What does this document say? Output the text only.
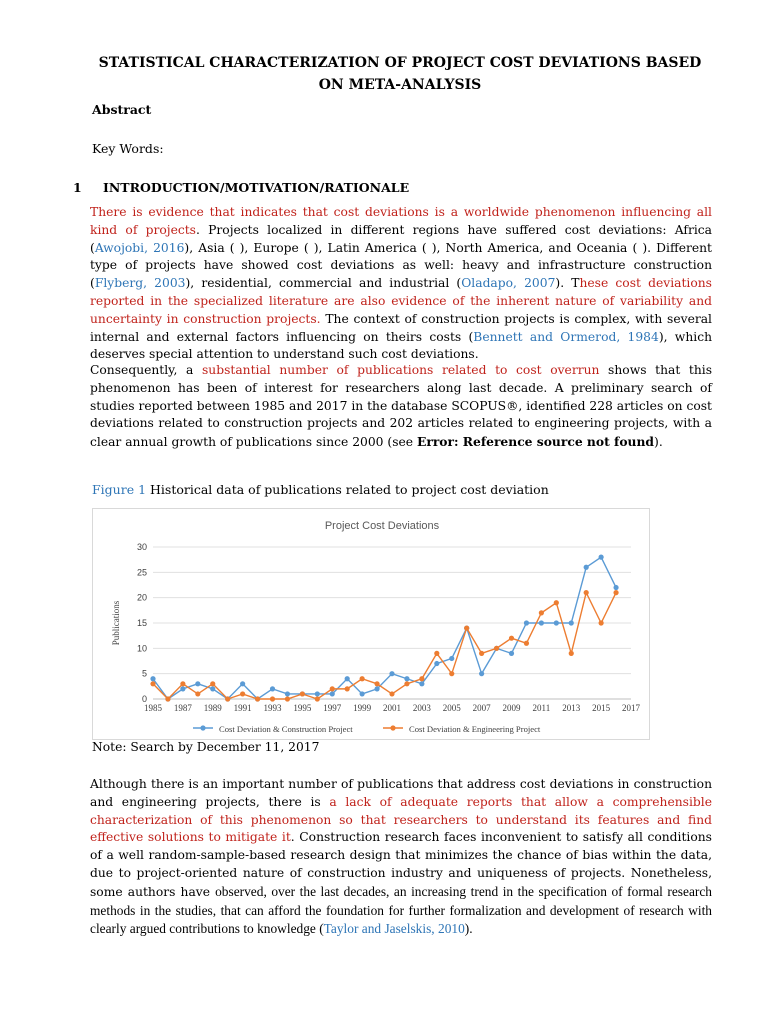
STATISTICAL CHARACTERIZATION OF PROJECT COST DEVIATIONS BASED
ON META-ANALYSIS
Abstract
Key Words:
1 INTRODUCTION/MOTIVATION/RATIONALE

There is evidence that indicates that cost deviations is a worldwide phenomenon influencing all kind of projects. Projects localized in different regions have suffered cost deviations: Africa (Awojobi, 2016), Asia ( ), Europe ( ), Latin America ( ), North America, and Oceania ( ). Different type of projects have showed cost deviations as well: heavy and infrastructure construction (Flyberg, 2003), residential, commercial and industrial (Oladapo, 2007). These cost deviations reported in the specialized literature are also evidence of the inherent nature of variability and uncertainty in construction projects. The context of construction projects is complex, with several internal and external factors influencing on theirs costs (Bennett and Ormerod, 1984), which deserves special attention to understand such cost deviations.

Consequently, a substantial number of publications related to cost overrun shows that this phenomenon has been of interest for researchers along last decade. A preliminary search of studies reported between 1985 and 2017 in the database SCOPUS®, identified 228 articles on cost deviations related to construction projects and 202 articles related to engineering projects, with a clear annual growth of publications since 2000 (see Error: Reference source not found).

Figure 1 Historical data of publications related to project cost deviation
Project Cost Deviations
Publications
0
5
10
15
20
25
30
1985 1987 1989 1991 1993 1995 1997 1999 2001 2003 2005 2007 2009 2011 2013 2015 2017
Cost Deviation & Construction Project	Cost Deviation & Engineering Project
Note: Search by December 11, 2017

Although there is an important number of publications that address cost deviations in construction and engineering projects, there is a lack of adequate reports that allow a comprehensible characterization of this phenomenon so that researchers to understand its features and find effective solutions to mitigate it. Construction research faces inconvenient to satisfy all conditions of a well random-sample-based research design that minimizes the chance of bias within the data, due to project-oriented nature of construction industry and uniqueness of projects. Nonetheless, some authors have observed, over the last decades, an increasing trend in the specification of formal research methods in the studies, that can afford the foundation for further formalization and development of research with clearly argued contributions to knowledge (Taylor and Jaselskis, 2010).
